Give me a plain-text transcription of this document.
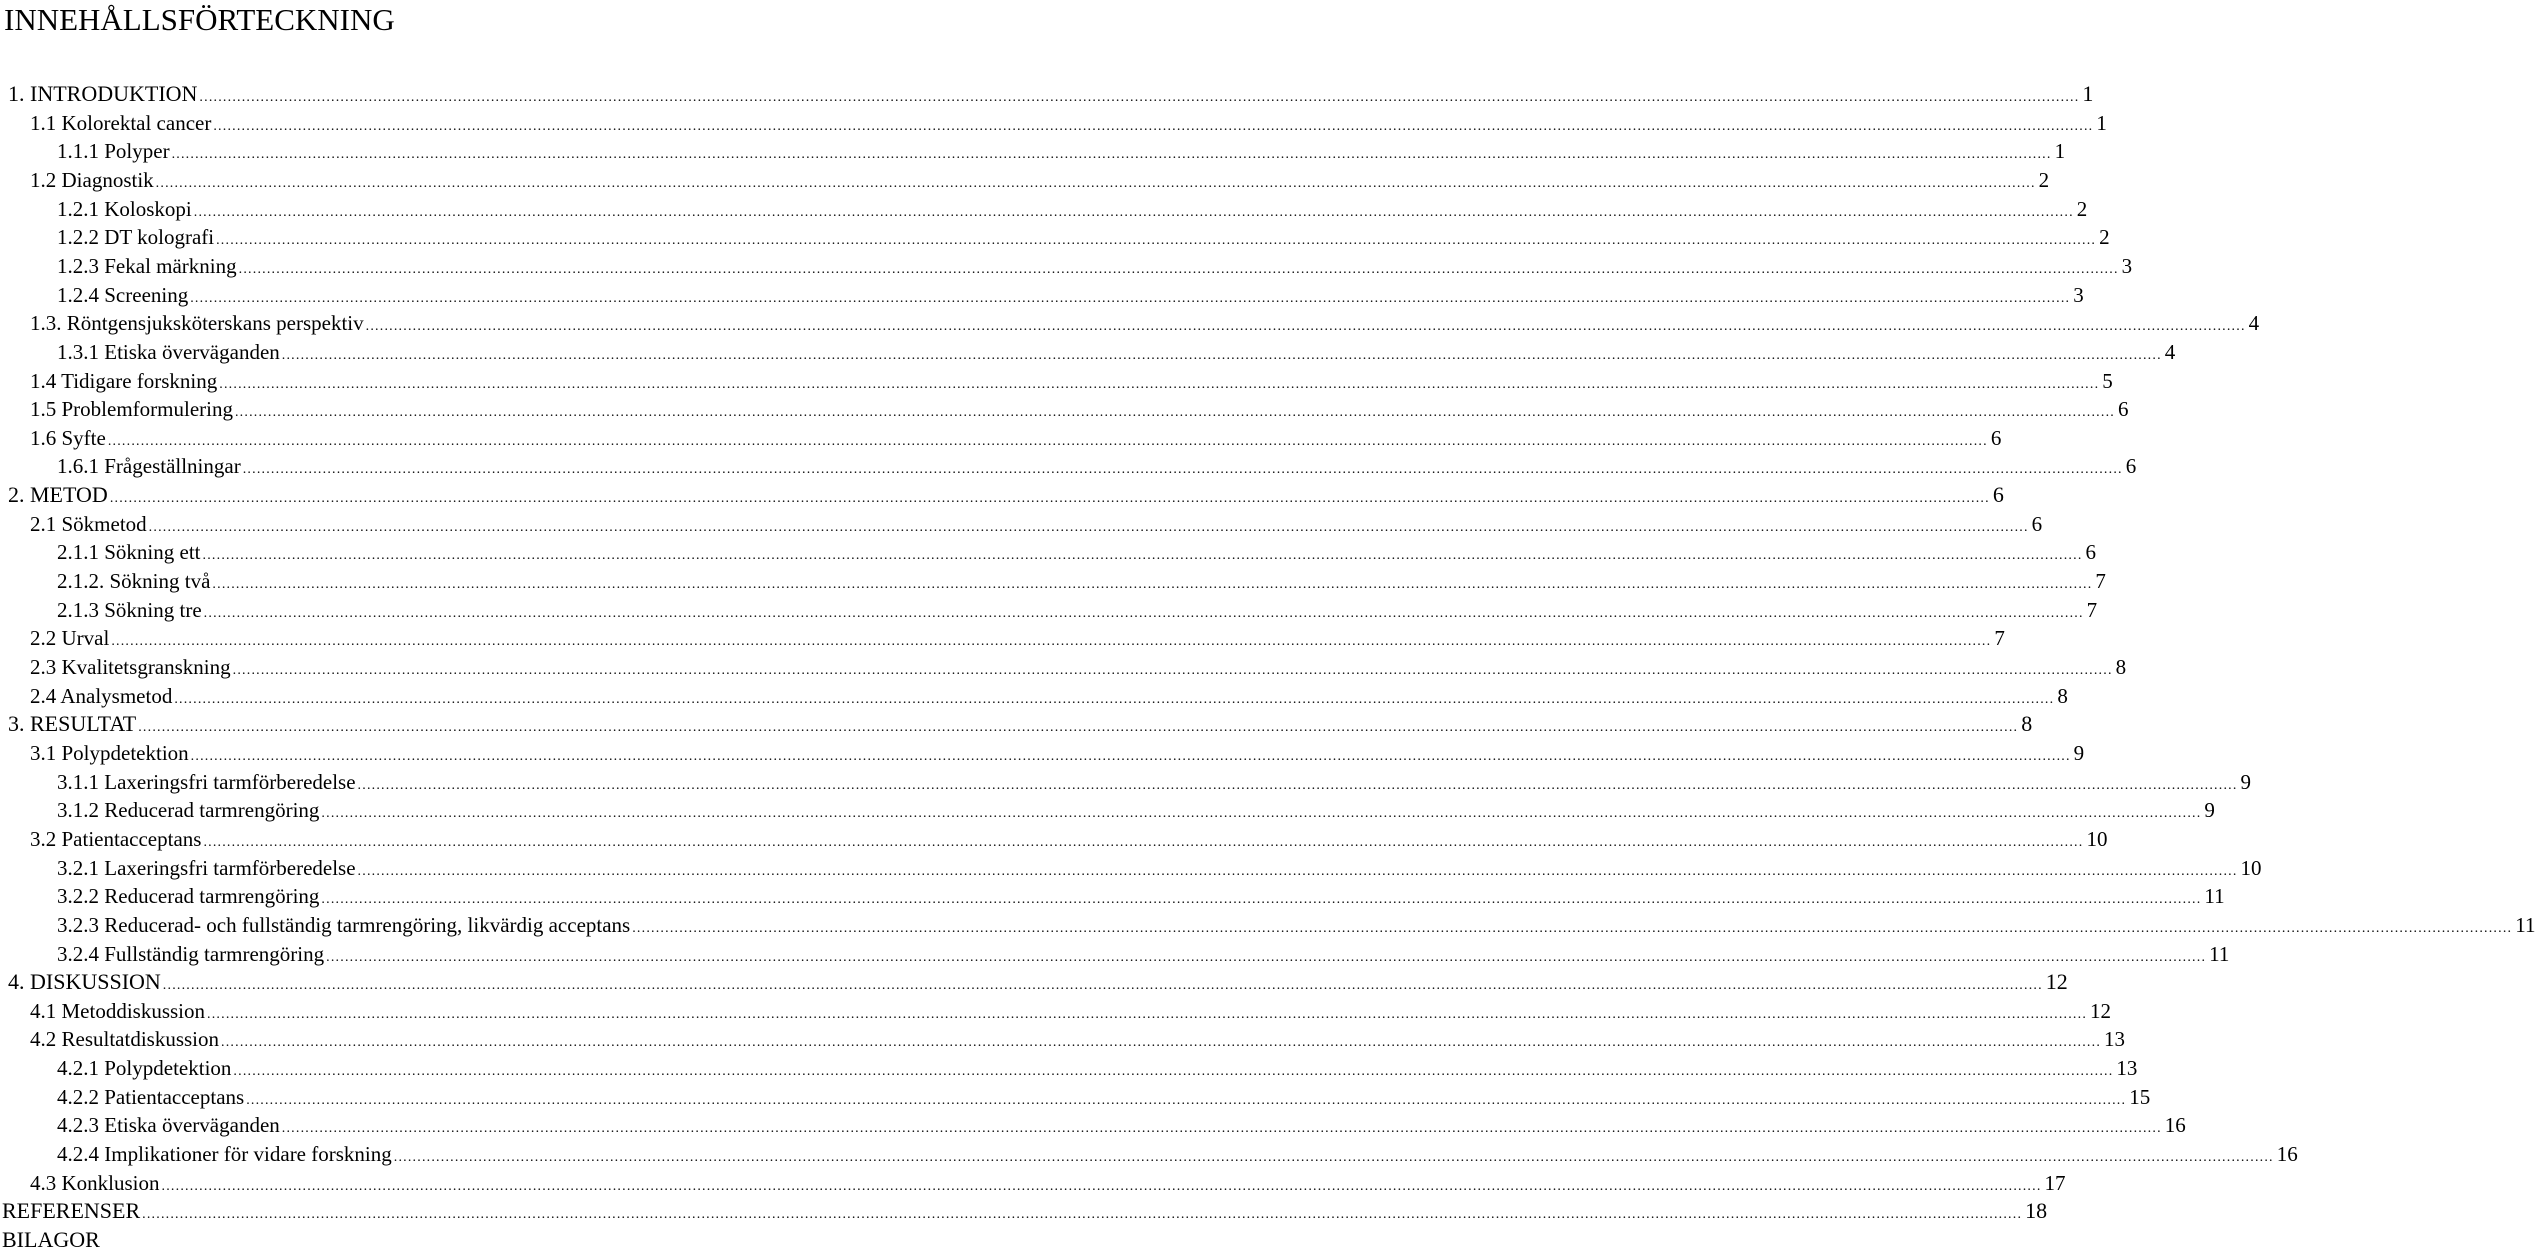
INNEHÅLLSFÖRTECKNING
1. INTRODUKTION ................................................................................................................................................................................................................................................................................................................................................................................................................ 1
1.1 Kolorektal cancer ................................................................................................................................................................................................................................................................................................................................................................................................................ 1
1.1.1 Polyper ................................................................................................................................................................................................................................................................................................................................................................................................................ 1
1.2 Diagnostik ................................................................................................................................................................................................................................................................................................................................................................................................................ 2
1.2.1 Koloskopi ................................................................................................................................................................................................................................................................................................................................................................................................................ 2
1.2.2 DT kolografi ................................................................................................................................................................................................................................................................................................................................................................................................................ 2
1.2.3 Fekal märkning ................................................................................................................................................................................................................................................................................................................................................................................................................ 3
1.2.4 Screening ................................................................................................................................................................................................................................................................................................................................................................................................................ 3
1.3. Röntgensjuksköterskans perspektiv ................................................................................................................................................................................................................................................................................................................................................................................................................ 4
1.3.1 Etiska överväganden ................................................................................................................................................................................................................................................................................................................................................................................................................ 4
1.4 Tidigare forskning ................................................................................................................................................................................................................................................................................................................................................................................................................ 5
1.5 Problemformulering ................................................................................................................................................................................................................................................................................................................................................................................................................ 6
1.6 Syfte ................................................................................................................................................................................................................................................................................................................................................................................................................ 6
1.6.1 Frågeställningar ................................................................................................................................................................................................................................................................................................................................................................................................................ 6
2. METOD ................................................................................................................................................................................................................................................................................................................................................................................................................ 6
2.1 Sökmetod ................................................................................................................................................................................................................................................................................................................................................................................................................ 6
2.1.1 Sökning ett ................................................................................................................................................................................................................................................................................................................................................................................................................ 6
2.1.2. Sökning två ................................................................................................................................................................................................................................................................................................................................................................................................................ 7
2.1.3 Sökning tre ................................................................................................................................................................................................................................................................................................................................................................................................................ 7
2.2 Urval ................................................................................................................................................................................................................................................................................................................................................................................................................ 7
2.3 Kvalitetsgranskning ................................................................................................................................................................................................................................................................................................................................................................................................................ 8
2.4 Analysmetod ................................................................................................................................................................................................................................................................................................................................................................................................................ 8
3. RESULTAT ................................................................................................................................................................................................................................................................................................................................................................................................................ 8
3.1 Polypdetektion ................................................................................................................................................................................................................................................................................................................................................................................................................ 9
3.1.1 Laxeringsfri tarmförberedelse ................................................................................................................................................................................................................................................................................................................................................................................................................ 9
3.1.2 Reducerad tarmrengöring ................................................................................................................................................................................................................................................................................................................................................................................................................ 9
3.2 Patientacceptans ................................................................................................................................................................................................................................................................................................................................................................................................................ 10
3.2.1 Laxeringsfri tarmförberedelse ................................................................................................................................................................................................................................................................................................................................................................................................................ 10
3.2.2 Reducerad tarmrengöring ................................................................................................................................................................................................................................................................................................................................................................................................................ 11
3.2.3 Reducerad- och fullständig tarmrengöring, likvärdig acceptans ................................................................................................................................................................................................................................................................................................................................................................................................................ 11
3.2.4 Fullständig tarmrengöring ................................................................................................................................................................................................................................................................................................................................................................................................................ 11
4. DISKUSSION ................................................................................................................................................................................................................................................................................................................................................................................................................ 12
4.1 Metoddiskussion ................................................................................................................................................................................................................................................................................................................................................................................................................ 12
4.2 Resultatdiskussion ................................................................................................................................................................................................................................................................................................................................................................................................................ 13
4.2.1 Polypdetektion ................................................................................................................................................................................................................................................................................................................................................................................................................ 13
4.2.2 Patientacceptans ................................................................................................................................................................................................................................................................................................................................................................................................................ 15
4.2.3 Etiska överväganden ................................................................................................................................................................................................................................................................................................................................................................................................................ 16
4.2.4 Implikationer för vidare forskning ................................................................................................................................................................................................................................................................................................................................................................................................................ 16
4.3 Konklusion ................................................................................................................................................................................................................................................................................................................................................................................................................ 17
REFERENSER ................................................................................................................................................................................................................................................................................................................................................................................................................ 18
BILAGOR
